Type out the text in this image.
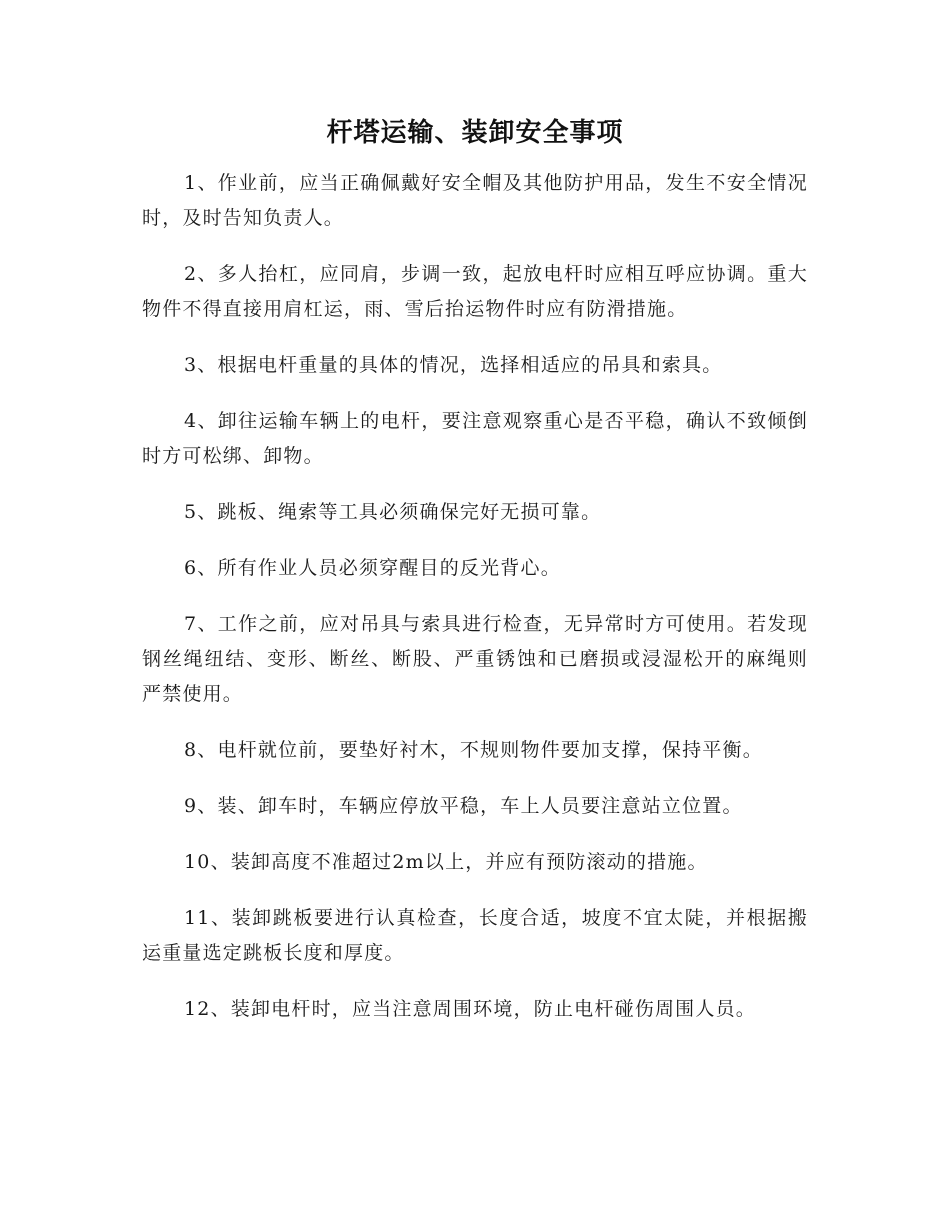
杆塔运输、装卸安全事项
1、作业前，应当正确佩戴好安全帽及其他防护用品，发生不安全情况时，及时告知负责人。
2、多人抬杠，应同肩，步调一致，起放电杆时应相互呼应协调。重大物件不得直接用肩杠运，雨、雪后抬运物件时应有防滑措施。
3、根据电杆重量的具体的情况，选择相适应的吊具和索具。
4、卸往运输车辆上的电杆，要注意观察重心是否平稳，确认不致倾倒时方可松绑、卸物。
5、跳板、绳索等工具必须确保完好无损可靠。
6、所有作业人员必须穿醒目的反光背心。
7、工作之前，应对吊具与索具进行检查，无异常时方可使用。若发现钢丝绳纽结、变形、断丝、断股、严重锈蚀和已磨损或浸湿松开的麻绳则严禁使用。
8、电杆就位前，要垫好衬木，不规则物件要加支撑，保持平衡。
9、装、卸车时，车辆应停放平稳，车上人员要注意站立位置。
10、装卸高度不准超过2m以上，并应有预防滚动的措施。
11、装卸跳板要进行认真检查，长度合适，坡度不宜太陡，并根据搬运重量选定跳板长度和厚度。
12、装卸电杆时，应当注意周围环境，防止电杆碰伤周围人员。
